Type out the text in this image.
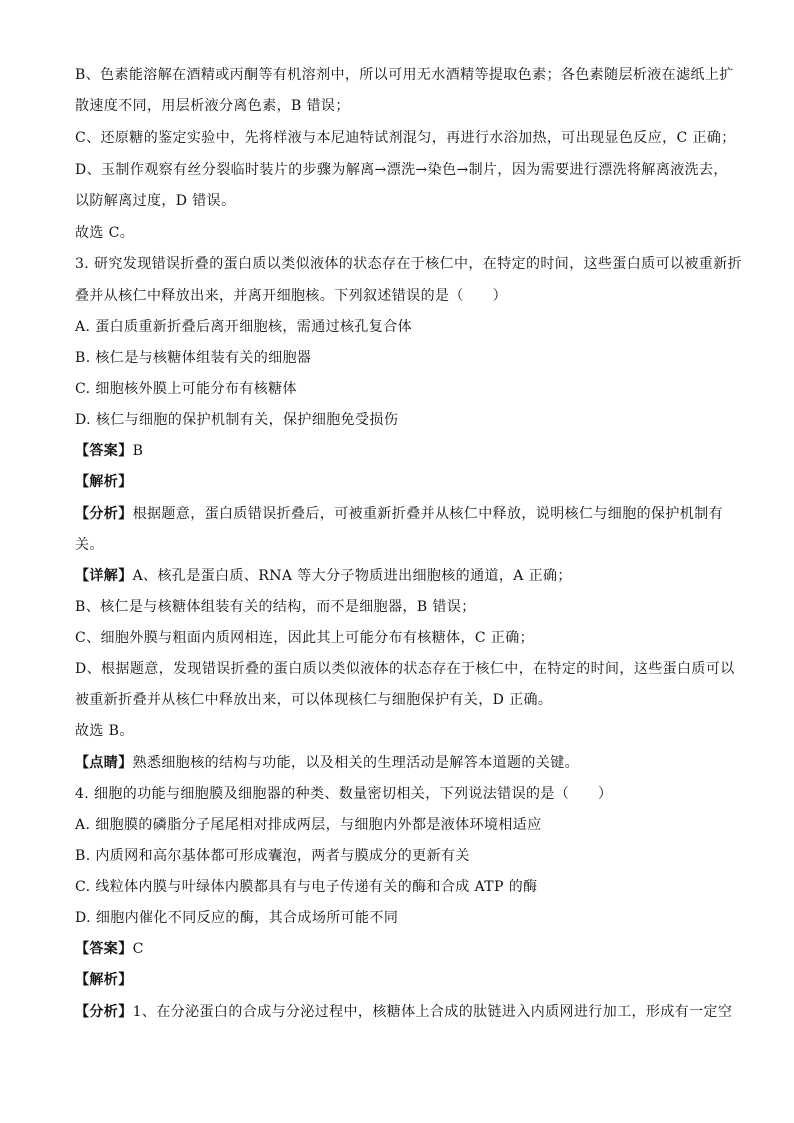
B、色素能溶解在酒精或丙酮等有机溶剂中，所以可用无水酒精等提取色素；各色素随层析液在滤纸上扩
散速度不同，用层析液分离色素，B 错误；
C、还原糖的鉴定实验中，先将样液与本尼迪特试剂混匀，再进行水浴加热，可出现显色反应，C 正确；
D、玉制作观察有丝分裂临时装片的步骤为解离→漂洗→染色→制片，因为需要进行漂洗将解离液洗去，
以防解离过度，D 错误。
故选 C。
3. 研究发现错误折叠的蛋白质以类似液体的状态存在于核仁中，在特定的时间，这些蛋白质可以被重新折
叠并从核仁中释放出来，并离开细胞核。下列叙述错误的是（　　）
A. 蛋白质重新折叠后离开细胞核，需通过核孔复合体
B. 核仁是与核糖体组装有关的细胞器
C. 细胞核外膜上可能分布有核糖体
D. 核仁与细胞的保护机制有关，保护细胞免受损伤
【答案】B
【解析】
【分析】根据题意，蛋白质错误折叠后，可被重新折叠并从核仁中释放，说明核仁与细胞的保护机制有
关。
【详解】A、核孔是蛋白质、RNA 等大分子物质进出细胞核的通道，A 正确；
B、核仁是与核糖体组装有关的结构，而不是细胞器，B 错误；
C、细胞外膜与粗面内质网相连，因此其上可能分布有核糖体，C 正确；
D、根据题意，发现错误折叠的蛋白质以类似液体的状态存在于核仁中，在特定的时间，这些蛋白质可以
被重新折叠并从核仁中释放出来，可以体现核仁与细胞保护有关，D 正确。
故选 B。
【点睛】熟悉细胞核的结构与功能，以及相关的生理活动是解答本道题的关键。
4. 细胞的功能与细胞膜及细胞器的种类、数量密切相关，下列说法错误的是（　　）
A. 细胞膜的磷脂分子尾尾相对排成两层，与细胞内外都是液体环境相适应
B. 内质网和高尔基体都可形成囊泡，两者与膜成分的更新有关
C. 线粒体内膜与叶绿体内膜都具有与电子传递有关的酶和合成 ATP 的酶
D. 细胞内催化不同反应的酶，其合成场所可能不同
【答案】C
【解析】
【分析】1、在分泌蛋白的合成与分泌过程中，核糖体上合成的肽链进入内质网进行加工，形成有一定空
